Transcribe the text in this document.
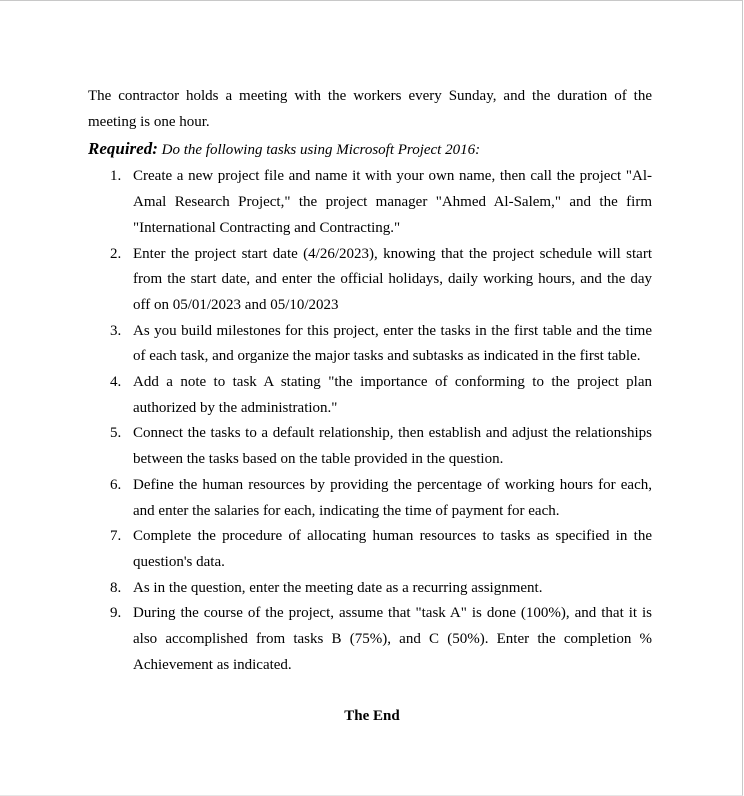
The contractor holds a meeting with the workers every Sunday, and the duration of the meeting is one hour.

Required: Do the following tasks using Microsoft Project 2016:

1. Create a new project file and name it with your own name, then call the project "Al-Amal Research Project," the project manager "Ahmed Al-Salem," and the firm "International Contracting and Contracting."
2. Enter the project start date (4/26/2023), knowing that the project schedule will start from the start date, and enter the official holidays, daily working hours, and the day off on 05/01/2023 and 05/10/2023
3. As you build milestones for this project, enter the tasks in the first table and the time of each task, and organize the major tasks and subtasks as indicated in the first table.
4. Add a note to task A stating "the importance of conforming to the project plan authorized by the administration."
5. Connect the tasks to a default relationship, then establish and adjust the relationships between the tasks based on the table provided in the question.
6. Define the human resources by providing the percentage of working hours for each, and enter the salaries for each, indicating the time of payment for each.
7. Complete the procedure of allocating human resources to tasks as specified in the question's data.
8. As in the question, enter the meeting date as a recurring assignment.
9. During the course of the project, assume that "task A" is done (100%), and that it is also accomplished from tasks B (75%), and C (50%). Enter the completion % Achievement as indicated.
The End
